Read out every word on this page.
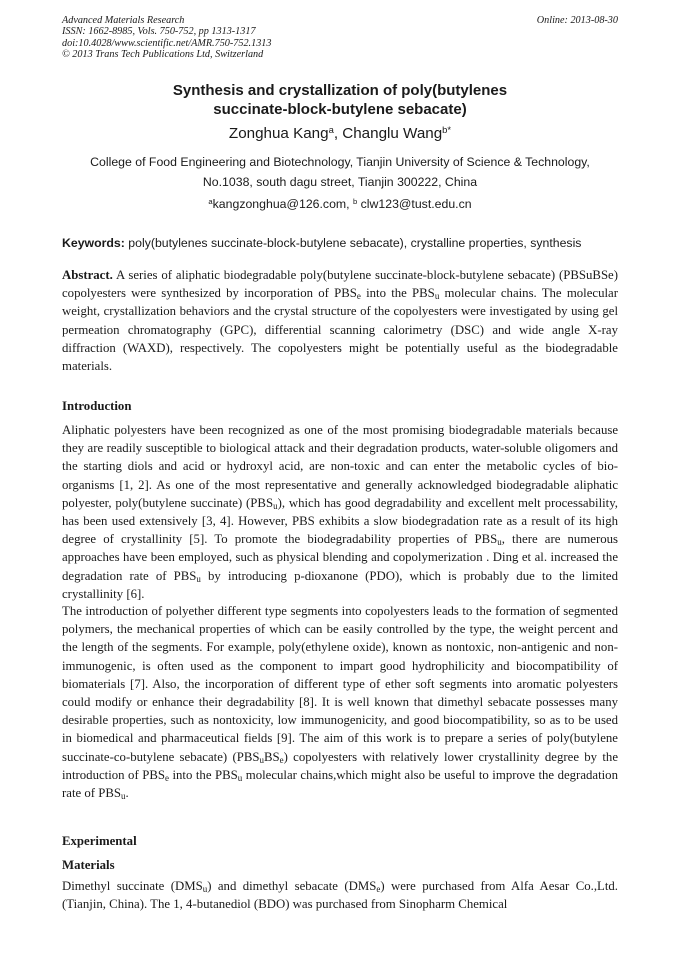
Advanced Materials Research
ISSN: 1662-8985, Vols. 750-752, pp 1313-1317
doi:10.4028/www.scientific.net/AMR.750-752.1313
© 2013 Trans Tech Publications Ltd, Switzerland
Online: 2013-08-30
Synthesis and crystallization of poly(butylenes
succinate-block-butylene sebacate)
Zonghua Kang$^a$, Changlu Wang$^{b*}$
College of Food Engineering and Biotechnology, Tianjin University of Science & Technology,
No.1038, south dagu street, Tianjin 300222, China
$^a$kangzonghua@126.com, $^b$ clw123@tust.edu.cn
Keywords: poly(butylenes succinate-block-butylene sebacate), crystalline properties, synthesis
Abstract. A series of aliphatic biodegradable poly(butylene succinate-block-butylene sebacate) (PBSuBSe) copolyesters were synthesized by incorporation of $PBS_e$ into the $PBS_u$ molecular chains. The molecular weight, crystallization behaviors and the crystal structure of the copolyesters were investigated by using gel permeation chromatography (GPC), differential scanning calorimetry (DSC) and wide angle X-ray diffraction (WAXD), respectively. The copolyesters might be potentially useful as the biodegradable materials.
Introduction
Aliphatic polyesters have been recognized as one of the most promising biodegradable materials because they are readily susceptible to biological attack and their degradation products, water-soluble oligomers and the starting diols and acid or hydroxyl acid, are non-toxic and can enter the metabolic cycles of bio-organisms [1, 2]. As one of the most representative and generally acknowledged biodegradable aliphatic polyester, poly(butylene succinate) $(PBS_u)$, which has good degradability and excellent melt processability, has been used extensively [3, 4]. However, PBS exhibits a slow biodegradation rate as a result of its high degree of crystallinity [5]. To promote the biodegradability properties of $PBS_u$, there are numerous approaches have been employed, such as physical blending and copolymerization . Ding et al. increased the degradation rate of $PBS_u$ by introducing p-dioxanone (PDO), which is probably due to the limited crystallinity [6].
The introduction of polyether different type segments into copolyesters leads to the formation of segmented polymers, the mechanical properties of which can be easily controlled by the type, the weight percent and the length of the segments. For example, poly(ethylene oxide), known as nontoxic, non-antigenic and non-immunogenic, is often used as the component to impart good hydrophilicity and biocompatibility of biomaterials [7]. Also, the incorporation of different type of ether soft segments into aromatic polyesters could modify or enhance their degradability [8]. It is well known that dimethyl sebacate possesses many desirable properties, such as nontoxicity, low immunogenicity, and good biocompatibility, so as to be used in biomedical and pharmaceutical fields [9]. The aim of this work is to prepare a series of poly(butylene succinate-co-butylene sebacate) $(PBS_uBS_e)$ copolyesters with relatively lower crystallinity degree by the introduction of $PBS_e$ into the $PBS_u$ molecular chains,which might also be useful to improve the degradation rate of $PBS_u$.
Experimental
Materials
Dimethyl succinate $(DMS_u)$ and dimethyl sebacate $(DMS_e)$ were purchased from Alfa Aesar Co.,Ltd. (Tianjin, China). The 1, 4-butanediol (BDO) was purchased from Sinopharm Chemical
